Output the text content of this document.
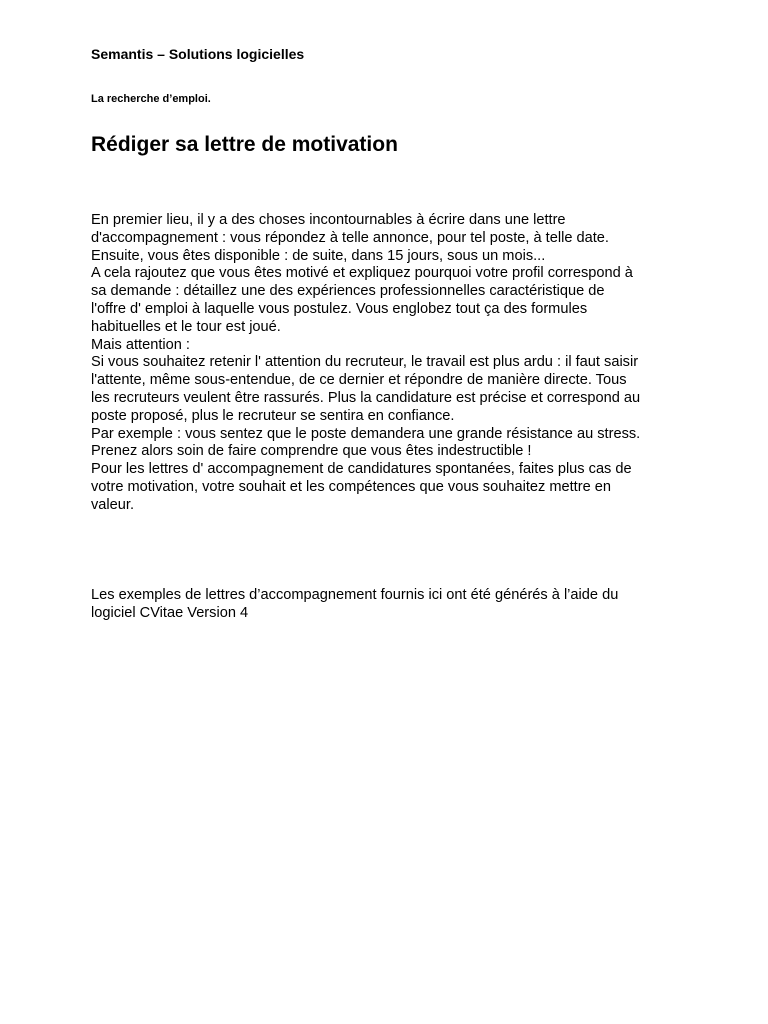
Semantis – Solutions logicielles
La recherche d’emploi.
Rédiger sa lettre de motivation
En premier lieu, il y a des choses incontournables à écrire dans une lettre
d'accompagnement : vous répondez à telle annonce, pour tel poste, à telle date.
Ensuite, vous êtes disponible : de suite, dans 15 jours, sous un mois...
A cela rajoutez que vous êtes motivé et expliquez pourquoi votre profil correspond à
sa demande : détaillez une des expériences professionnelles caractéristique de
l'offre d' emploi à laquelle vous postulez. Vous englobez tout ça des formules
habituelles et le tour est joué.
Mais attention :
Si vous souhaitez retenir l' attention du recruteur, le travail est plus ardu : il faut saisir
l'attente, même sous-entendue, de ce dernier et répondre de manière directe. Tous
les recruteurs veulent être rassurés. Plus la candidature est précise et correspond au
poste proposé, plus le recruteur se sentira en confiance.
Par exemple : vous sentez que le poste demandera une grande résistance au stress.
Prenez alors soin de faire comprendre que vous êtes indestructible !
Pour les lettres d' accompagnement de candidatures spontanées, faites plus cas de
votre motivation, votre souhait et les compétences que vous souhaitez mettre en
valeur.
Les exemples de lettres d’accompagnement fournis ici ont été générés à l’aide du
logiciel CVitae Version 4
